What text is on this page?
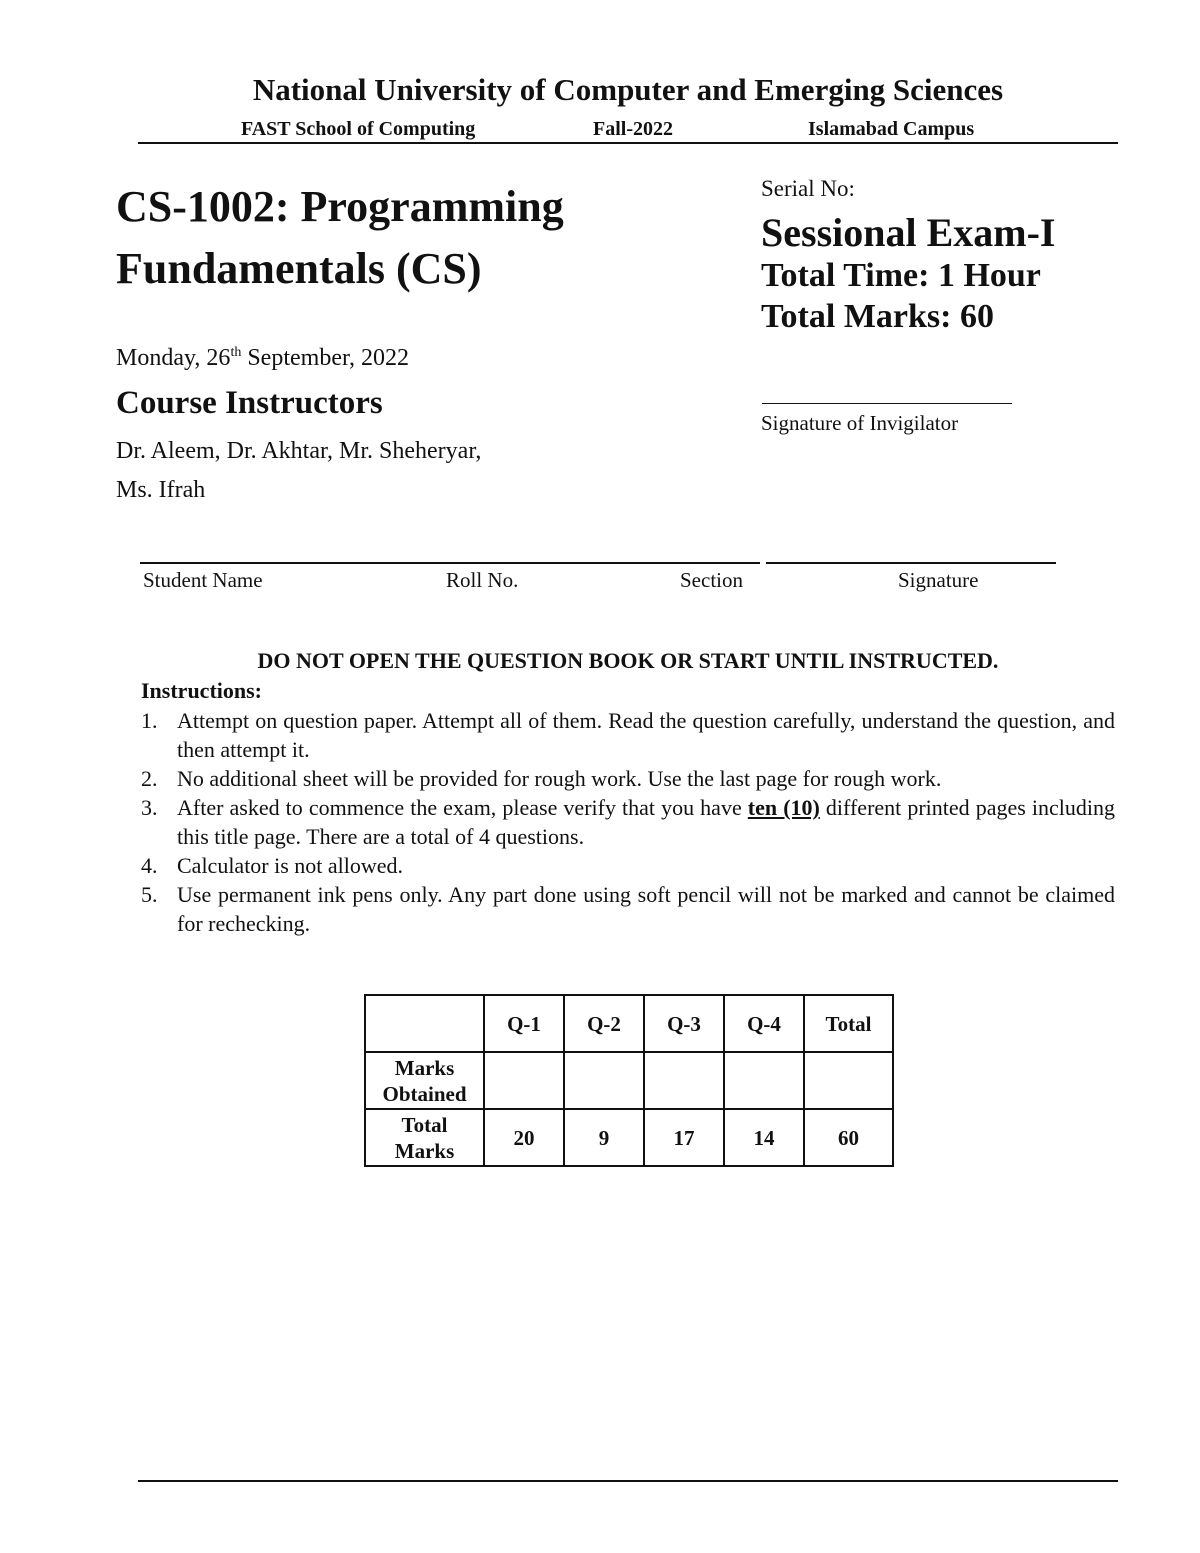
National University of Computer and Emerging Sciences
FAST School of Computing	Fall-2022	Islamabad Campus
CS-1002: Programming
Fundamentals (CS)
Monday, 26th September, 2022
Course Instructors
Dr. Aleem, Dr. Akhtar, Mr. Sheheryar,
Ms. Ifrah
Serial No:
Sessional Exam-I
Total Time: 1 Hour
Total Marks: 60
Signature of Invigilator
Student Name	Roll No.	Section	Signature
DO NOT OPEN THE QUESTION BOOK OR START UNTIL INSTRUCTED.
Instructions:
1. Attempt on question paper. Attempt all of them. Read the question carefully, understand the question, and then attempt it.
2. No additional sheet will be provided for rough work. Use the last page for rough work.
3. After asked to commence the exam, please verify that you have ten (10) different printed pages including this title page. There are a total of 4 questions.
4. Calculator is not allowed.
5. Use permanent ink pens only. Any part done using soft pencil will not be marked and cannot be claimed for rechecking.
	Q-1	Q-2	Q-3	Q-4	Total

Marks
Obtained					

Total
Marks	20	9	17	14	60
